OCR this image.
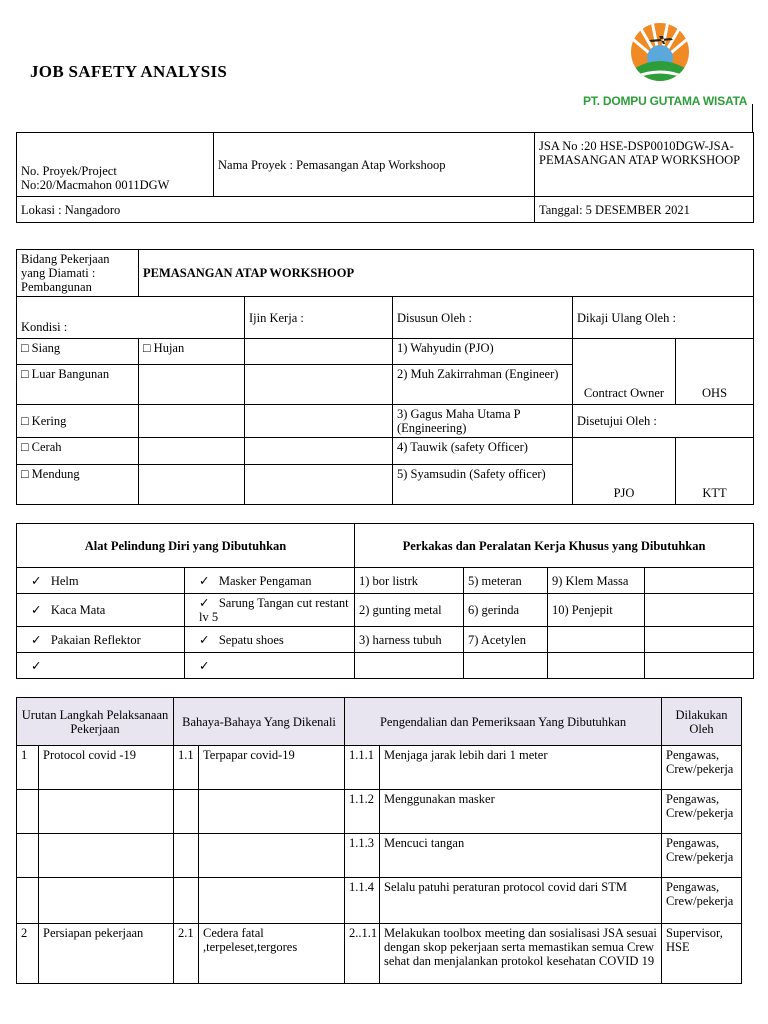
JOB SAFETY ANALYSIS
PT. DOMPU GUTAMA WISATA
No. Proyek/Project No:20/Macmahon 0011DGW	Nama Proyek : Pemasangan Atap Workshoop	JSA No :20 HSE-DSP0010DGW-JSA-PEMASANGAN ATAP WORKSHOOP
Lokasi : Nangadoro		Tanggal: 5 DESEMBER 2021
Bidang Pekerjaan yang Diamati : Pembangunan	PEMASANGAN ATAP WORKSHOOP				
Kondisi :		Ijin Kerja :	Disusun Oleh :	Dikaji Ulang Oleh :	
□ Siang	□ Hujan		1) Wahyudin (PJO)	Contract Owner	OHS
□ Luar Bangunan			2) Muh Zakirrahman (Engineer)		
□ Kering			3) Gagus Maha Utama P (Engineering)	Disetujui Oleh :	
□ Cerah			4) Tauwik (safety Officer)	PJO	KTT
□ Mendung			5) Syamsudin (Safety officer)		
Alat Pelindung Diri yang Dibutuhkan		Perkakas dan Peralatan Kerja Khusus yang Dibutuhkan			
✓ Helm	✓ Masker Pengaman	1) bor listrk	5) meteran	9) Klem Massa	
✓ Kaca Mata	✓ Sarung Tangan cut restant lv 5	2) gunting metal	6) gerinda	10) Penjepit	
✓ Pakaian Reflektor	✓ Sepatu shoes	3) harness tubuh	7) Acetylen		
✓	✓				
Urutan Langkah Pelaksanaan Pekerjaan		Bahaya-Bahaya Yang Dikenali		Pengendalian dan Pemeriksaan Yang Dibutuhkan		Dilakukan Oleh
1	Protocol covid -19	1.1	Terpapar covid-19	1.1.1	Menjaga jarak lebih dari 1 meter	Pengawas, Crew/pekerja
				1.1.2	Menggunakan masker	Pengawas, Crew/pekerja
				1.1.3	Mencuci tangan	Pengawas, Crew/pekerja
				1.1.4	Selalu patuhi peraturan protocol covid dari STM	Pengawas, Crew/pekerja
2	Persiapan pekerjaan	2.1	Cedera fatal ,terpeleset,tergores	2..1.1	Melakukan toolbox meeting dan sosialisasi JSA sesuai dengan skop pekerjaan serta memastikan semua Crew sehat dan menjalankan protokol kesehatan COVID 19	Supervisor, HSE
